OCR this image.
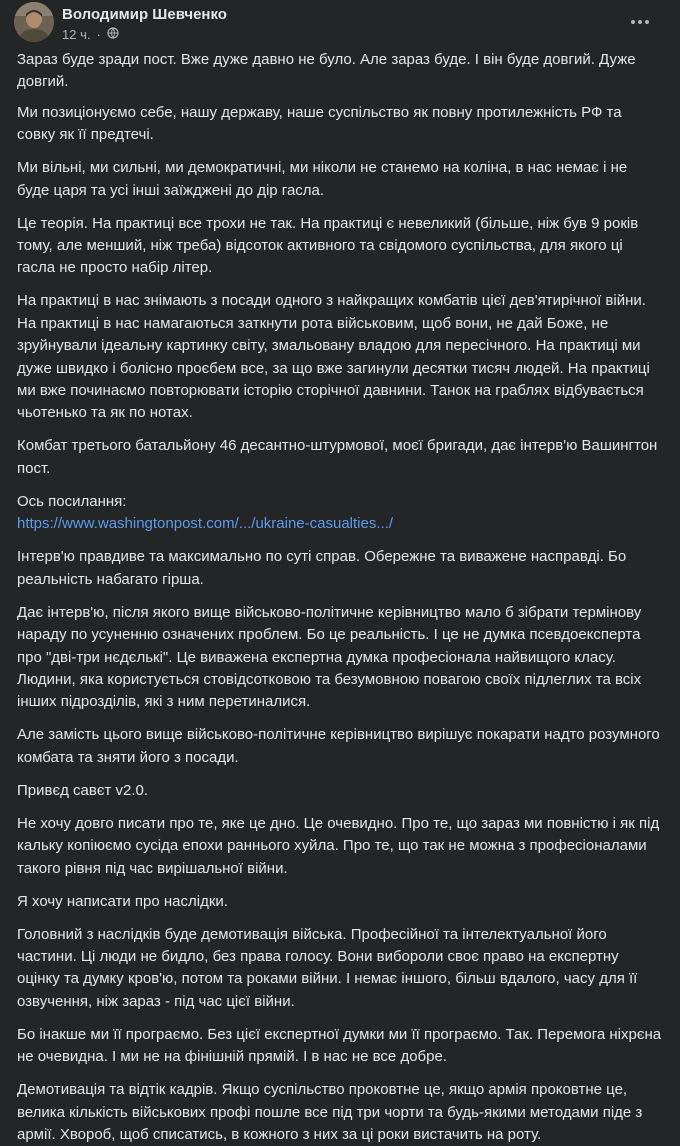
Володимир Шевченко
12 ч. ·

Зараз буде зради пост. Вже дуже давно не було. Але зараз буде. І він буде довгий. Дуже довгий.

Ми позиціонуємо себе, нашу державу, наше суспільство як повну протилежність РФ та совку як її предтечі.

Ми вільні, ми сильні, ми демократичні, ми ніколи не станемо на коліна, в нас немає і не буде царя та усі інші заїжджені до дір гасла.

Це теорія. На практиці все трохи не так. На практиці є невеликий (більше, ніж був 9 років тому, але менший, ніж треба) відсоток активного та свідомого суспільства, для якого ці гасла не просто набір літер.

На практиці в нас знімають з посади одного з найкращих комбатів цієї дев'ятирічної війни. На практиці в нас намагаються заткнути рота військовим, щоб вони, не дай Боже, не зруйнували ідеальну картинку світу, змальовану владою для пересічного. На практиці ми дуже швидко і болісно проєбем все, за що вже загинули десятки тисяч людей. На практиці ми вже починаємо повторювати історію сторічної давнини. Танок на граблях відбувається чьотенько та як по нотах.

Комбат третього батальйону 46 десантно-штурмової, моєї бригади, дає інтерв'ю Вашингтон пост.

Ось посилання:
https://www.washingtonpost.com/.../ukraine-casualties.../

Інтерв'ю правдиве та максимально по суті справ. Обережне та виважене насправді. Бо реальність набагато гірша.

Дає інтерв'ю, після якого вище військово-політичне керівництво мало б зібрати термінову нараду по усуненню означених проблем. Бо це реальність. І це не думка псевдоексперта про "дві-три нєдєлькі". Це виважена експертна думка професіонала найвищого класу. Людини, яка користується стовідсотковою та безумовною повагою своїх підлеглих та всіх інших підрозділів, які з ним перетиналися.

Але замість цього вище військово-політичне керівництво вирішує покарати надто розумного комбата та зняти його з посади.

Привєд савєт v2.0.

Не хочу довго писати про те, яке це дно. Це очевидно. Про те, що зараз ми повністю і як під кальку копіюємо сусіда епохи раннього хуйла. Про те, що так не можна з професіоналами такого рівня під час вирішальної війни.

Я хочу написати про наслідки.

Головний з наслідків буде демотивація війська. Професійної та інтелектуальної його частини. Ці люди не бидло, без права голосу. Вони вибороли своє право на експертну оцінку та думку кров'ю, потом та роками війни. І немає іншого, більш вдалого, часу для її озвучення, ніж зараз - під час цієї війни.

Бо інакше ми її програємо. Без цієї експертної думки ми її програємо. Так. Перемога ніхрєна не очевидна. І ми не на фінішній прямій. І в нас не все добре.

Демотивація та відтік кадрів. Якщо суспільство проковтне це, якщо армія проковтне це, велика кількість військових профі пошле все під три чорти та будь-якими методами піде з армії. Хвороб, щоб списатись, в кожного з них за ці роки вистачить на роту.
